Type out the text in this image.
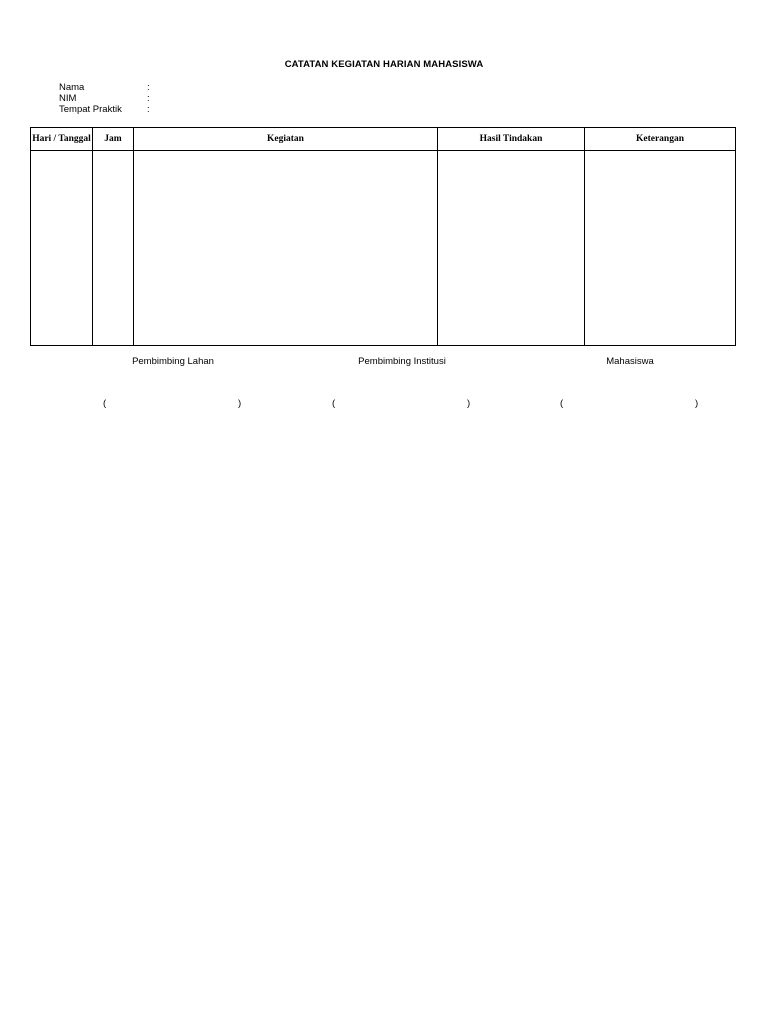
CATATAN KEGIATAN HARIAN MAHASISWA
Nama	:
NIM	:
Tempat Praktik	:
Hari / Tanggal	Jam	Kegiatan	Hasil Tindakan	Keterangan

Pembimbing Lahan	Pembimbing Institusi	Mahasiswa
(	)	(	)	(	)
